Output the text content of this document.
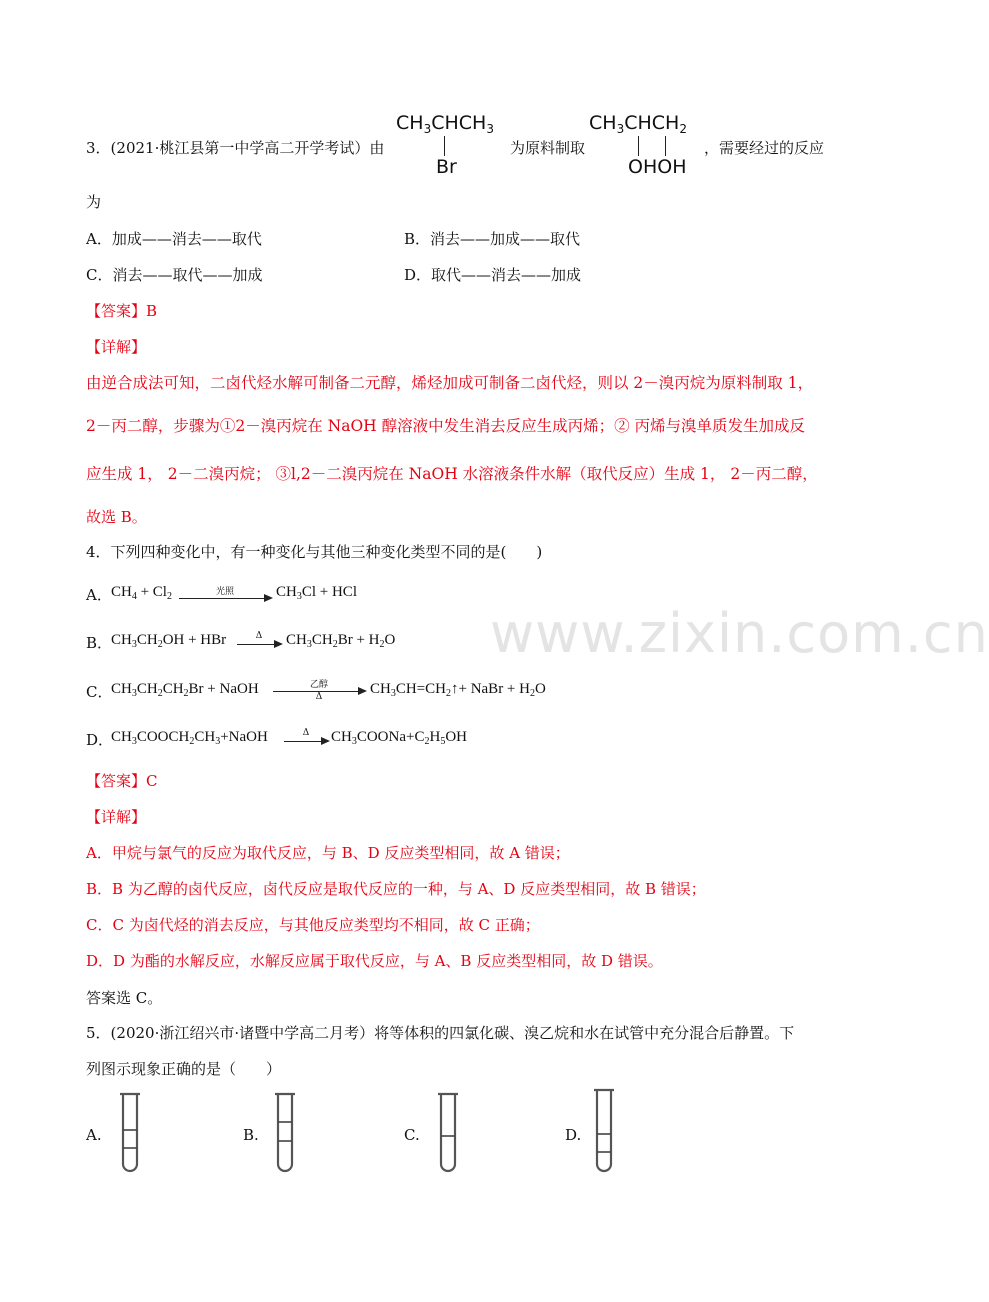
www.zixin.com.cn
3．(2021·桃江县第一中学高二开学考试）由
$CH_3CHCH_3$
Br
为原料制取
$CH_3CHCH_2$
OHOH
，需要经过的反应
为
A．加成——消去——取代	B．消去——加成——取代
C．消去——取代——加成	D．取代——消去——加成
【答案】B
【详解】
由逆合成法可知，二卤代烃水解可制备二元醇，烯烃加成可制备二卤代烃，则以 2－溴丙烷为原料制取 1，
2－丙二醇，步骤为①2－溴丙烷在 NaOH 醇溶液中发生消去反应生成丙烯；② 丙烯与溴单质发生加成反
应生成 1， 2－二溴丙烷； ③l,2－二溴丙烷在 NaOH 水溶液条件水解（取代反应）生成 1， 2－丙二醇，
故选 B。
4．下列四种变化中，有一种变化与其他三种变化类型不同的是(　　)
A． $CH_4 + Cl_2$	光照	$CH_3Cl$ + HCl
B．
$CH_3CH_2OH$ + HBr	Δ	$CH_3CH_2Br + H_2O$
C．
$CH_3CH_2CH_2Br$ + NaOH	乙醇
Δ	$CH_3CH=CH_2↑+$ NaBr + $H_2O$
D．
$CH_3COOCH_2CH_3+NaOH$	Δ	$CH_3COONa+C_2H_5OH$
【答案】C
【详解】
A．甲烷与氯气的反应为取代反应，与 B、D 反应类型相同，故 A 错误；
B．B 为乙醇的卤代反应，卤代反应是取代反应的一种，与 A、D 反应类型相同，故 B 错误；
C．C 为卤代烃的消去反应，与其他反应类型均不相同，故 C 正确；
D．D 为酯的水解反应，水解反应属于取代反应，与 A、B 反应类型相同，故 D 错误。
答案选 C。
5．(2020·浙江绍兴市·诸暨中学高二月考）将等体积的四氯化碳、溴乙烷和水在试管中充分混合后静置。下
列图示现象正确的是（　　）
A.	B.	C.	D.
